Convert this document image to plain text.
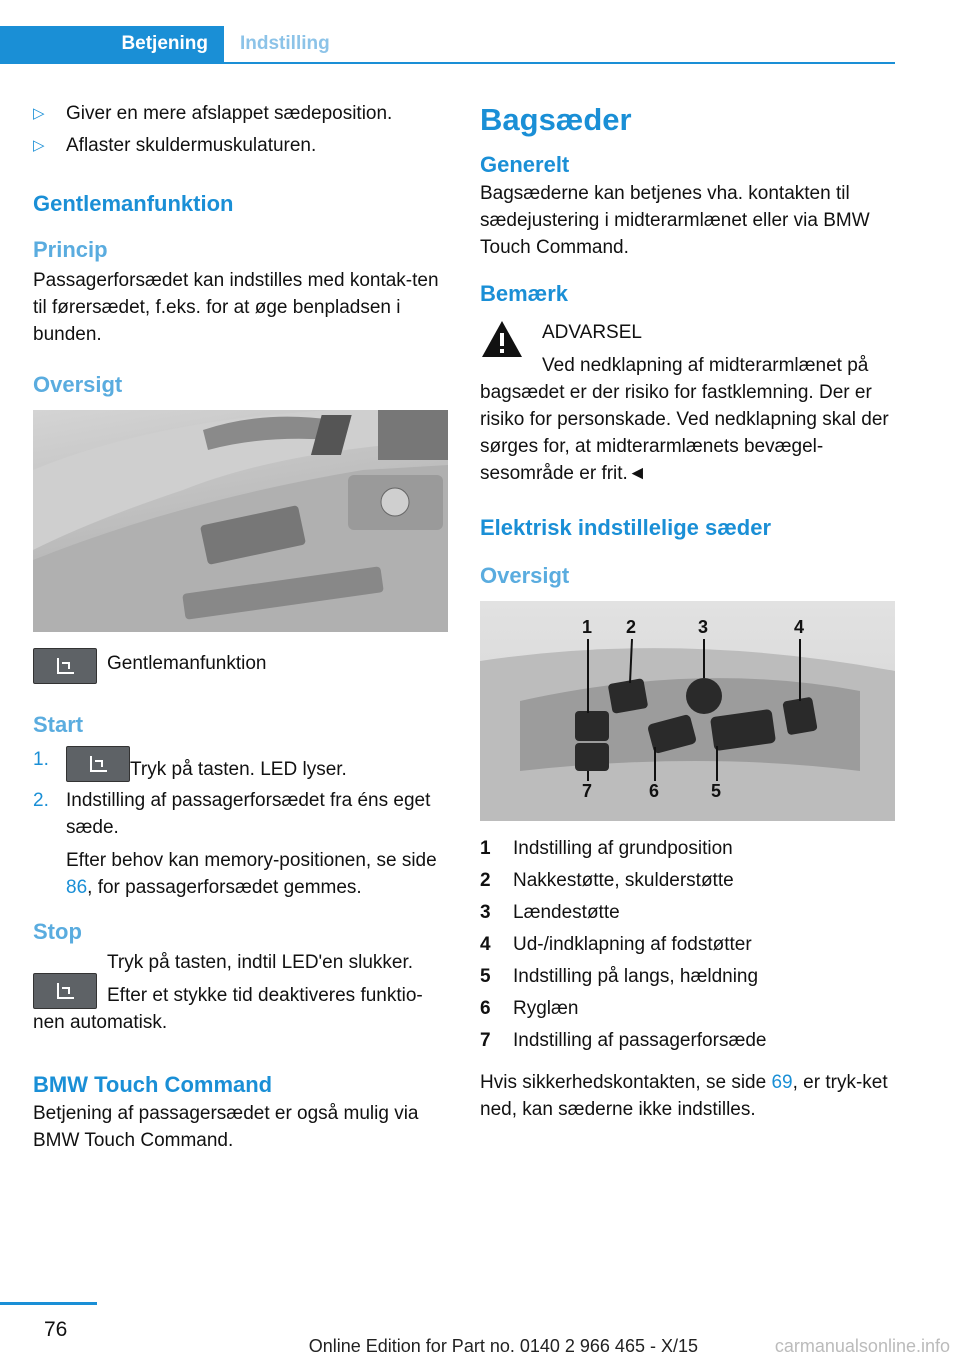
Betjening	Indstilling
▷	Giver en mere afslappet sædeposition.
▷	Aflaster skuldermuskulaturen.
Gentlemanfunktion
Princip

Passagerforsædet kan indstilles med kontak-ten til førersædet, f.eks. for at øge benpladsen i bunden.

Oversigt

Gentlemanfunktion

Start
1.	Tryk på tasten. LED lyser.
2. Indstilling af passagerforsædet fra éns eget sæde.
Efter behov kan memory-positionen, se side 86, for passagerforsædet gemmes.
Stop

Tryk på tasten, indtil LED'en slukker.

Efter et stykke tid deaktiveres funktio-nen automatisk.

BMW Touch Command

Betjening af passagersædet er også mulig via BMW Touch Command.

Bagsæder
Generelt

Bagsæderne kan betjenes vha. kontakten til sædejustering i midterarmlænet eller via BMW Touch Command.

Bemærk

ADVARSEL

Ved nedklapning af midterarmlænet på

bagsædet er der risiko for fastklemning. Der er risiko for personskade. Ved nedklapning skal der sørges for, at midterarmlænets bevægel-sesområde er frit.◄

Elektrisk indstillelige sæder
Oversigt
1 2	3	4
7	6	5
1	Indstilling af grundposition
2	Nakkestøtte, skulderstøtte
3	Lændestøtte
4	Ud-/indklapning af fodstøtter
5	Indstilling på langs, hældning
6	Ryglæn
7	Indstilling af passagerforsæde

Hvis sikkerhedskontakten, se side 69, er tryk-ket ned, kan sæderne ikke indstilles.

76
Online Edition for Part no. 0140 2 966 465 - X/15	carmanualsonline.info
